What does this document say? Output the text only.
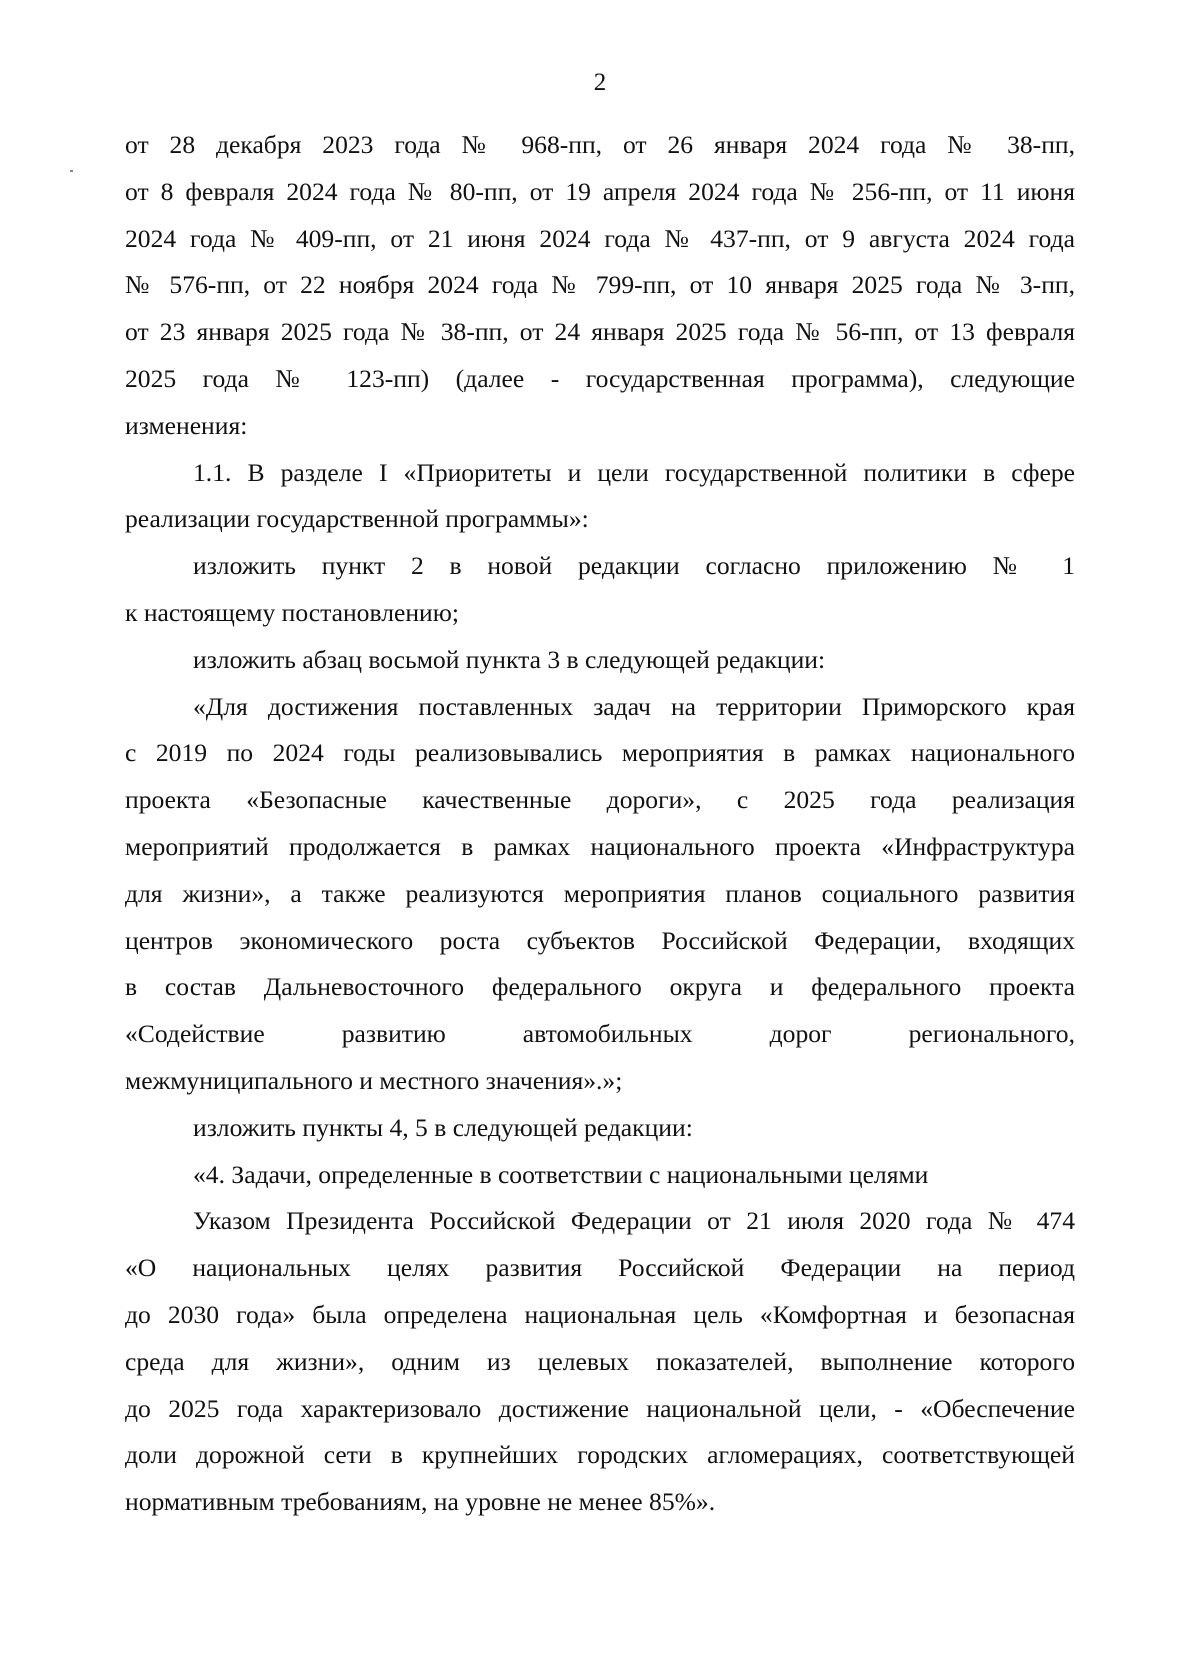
2
от 28 декабря 2023 года № 968-пп, от 26 января 2024 года № 38-пп,
от 8 февраля 2024 года № 80-пп, от 19 апреля 2024 года № 256-пп, от 11 июня
2024 года № 409-пп, от 21 июня 2024 года № 437-пп, от 9 августа 2024 года
№ 576-пп, от 22 ноября 2024 года № 799-пп, от 10 января 2025 года № 3-пп,
от 23 января 2025 года № 38-пп, от 24 января 2025 года № 56-пп, от 13 февраля
2025 года № 123-пп) (далее - государственная программа), следующие
изменения:
1.1. В разделе I «Приоритеты и цели государственной политики в сфере
реализации государственной программы»:
изложить пункт 2 в новой редакции согласно приложению № 1
к настоящему постановлению;
изложить абзац восьмой пункта 3 в следующей редакции:
«Для достижения поставленных задач на территории Приморского края
с 2019 по 2024 годы реализовывались мероприятия в рамках национального
проекта «Безопасные качественные дороги», с 2025 года реализация
мероприятий продолжается в рамках национального проекта «Инфраструктура
для жизни», а также реализуются мероприятия планов социального развития
центров экономического роста субъектов Российской Федерации, входящих
в состав Дальневосточного федерального округа и федерального проекта
«Содействие развитию автомобильных дорог регионального,
межмуниципального и местного значения».»;
изложить пункты 4, 5 в следующей редакции:
«4. Задачи, определенные в соответствии с национальными целями
Указом Президента Российской Федерации от 21 июля 2020 года № 474
«О национальных целях развития Российской Федерации на период
до 2030 года» была определена национальная цель «Комфортная и безопасная
среда для жизни», одним из целевых показателей, выполнение которого
до 2025 года характеризовало достижение национальной цели, - «Обеспечение
доли дорожной сети в крупнейших городских агломерациях, соответствующей
нормативным требованиям, на уровне не менее 85%».
